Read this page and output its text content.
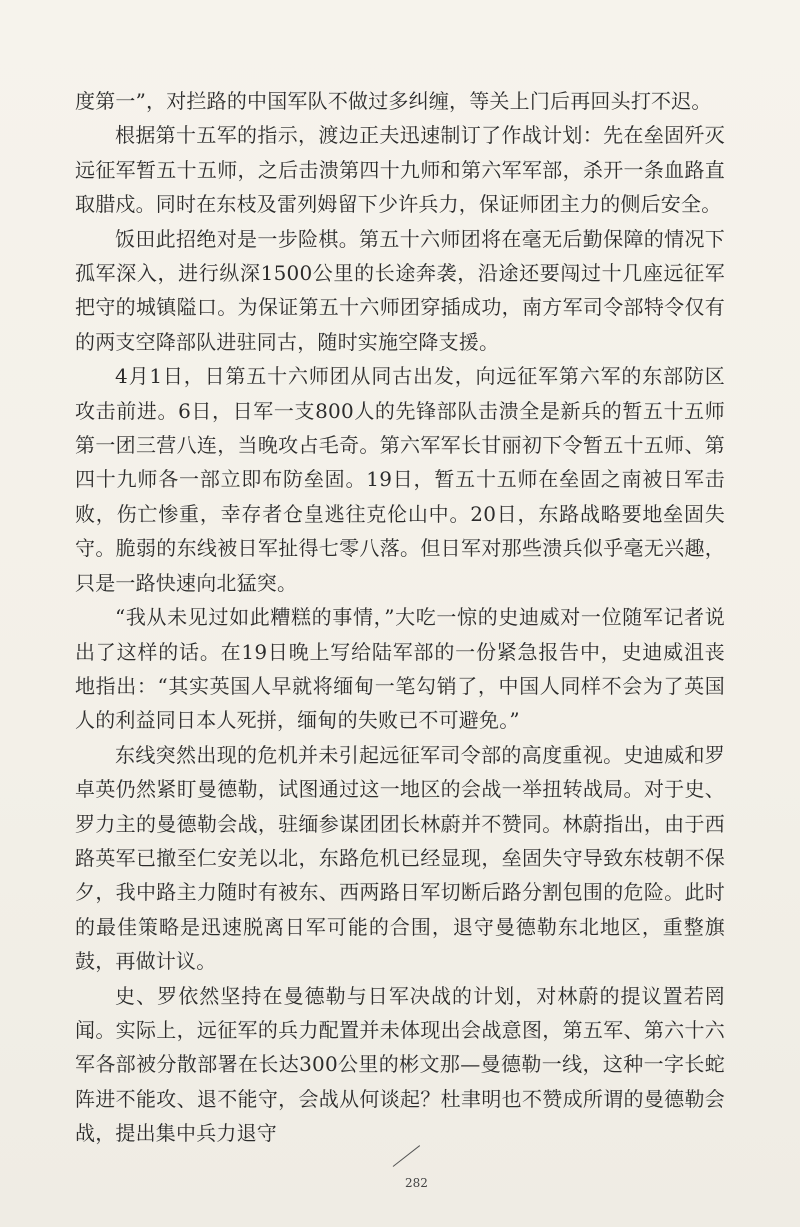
度第一”，对拦路的中国军队不做过多纠缠，等关上门后再回头打不迟。

根据第十五军的指示，渡边正夫迅速制订了作战计划：先在垒固歼灭远征军暂五十五师，之后击溃第四十九师和第六军军部，杀开一条血路直取腊戍。同时在东枝及雷列姆留下少许兵力，保证师团主力的侧后安全。

饭田此招绝对是一步险棋。第五十六师团将在毫无后勤保障的情况下孤军深入，进行纵深1500公里的长途奔袭，沿途还要闯过十几座远征军把守的城镇隘口。为保证第五十六师团穿插成功，南方军司令部特令仅有的两支空降部队进驻同古，随时实施空降支援。

4月1日，日第五十六师团从同古出发，向远征军第六军的东部防区攻击前进。6日，日军一支800人的先锋部队击溃全是新兵的暂五十五师第一团三营八连，当晚攻占毛奇。第六军军长甘丽初下令暂五十五师、第四十九师各一部立即布防垒固。19日，暂五十五师在垒固之南被日军击败，伤亡惨重，幸存者仓皇逃往克伦山中。20日，东路战略要地垒固失守。脆弱的东线被日军扯得七零八落。但日军对那些溃兵似乎毫无兴趣，只是一路快速向北猛突。

“我从未见过如此糟糕的事情，”大吃一惊的史迪威对一位随军记者说出了这样的话。在19日晚上写给陆军部的一份紧急报告中，史迪威沮丧地指出：“其实英国人早就将缅甸一笔勾销了，中国人同样不会为了英国人的利益同日本人死拼，缅甸的失败已不可避免。”

东线突然出现的危机并未引起远征军司令部的高度重视。史迪威和罗卓英仍然紧盯曼德勒，试图通过这一地区的会战一举扭转战局。对于史、罗力主的曼德勒会战，驻缅参谋团团长林蔚并不赞同。林蔚指出，由于西路英军已撤至仁安羌以北，东路危机已经显现，垒固失守导致东枝朝不保夕，我中路主力随时有被东、西两路日军切断后路分割包围的危险。此时的最佳策略是迅速脱离日军可能的合围，退守曼德勒东北地区，重整旗鼓，再做计议。

史、罗依然坚持在曼德勒与日军决战的计划，对林蔚的提议置若罔闻。实际上，远征军的兵力配置并未体现出会战意图，第五军、第六十六军各部被分散部署在长达300公里的彬文那—曼德勒一线，这种一字长蛇阵进不能攻、退不能守，会战从何谈起？杜聿明也不赞成所谓的曼德勒会战，提出集中兵力退守

282
